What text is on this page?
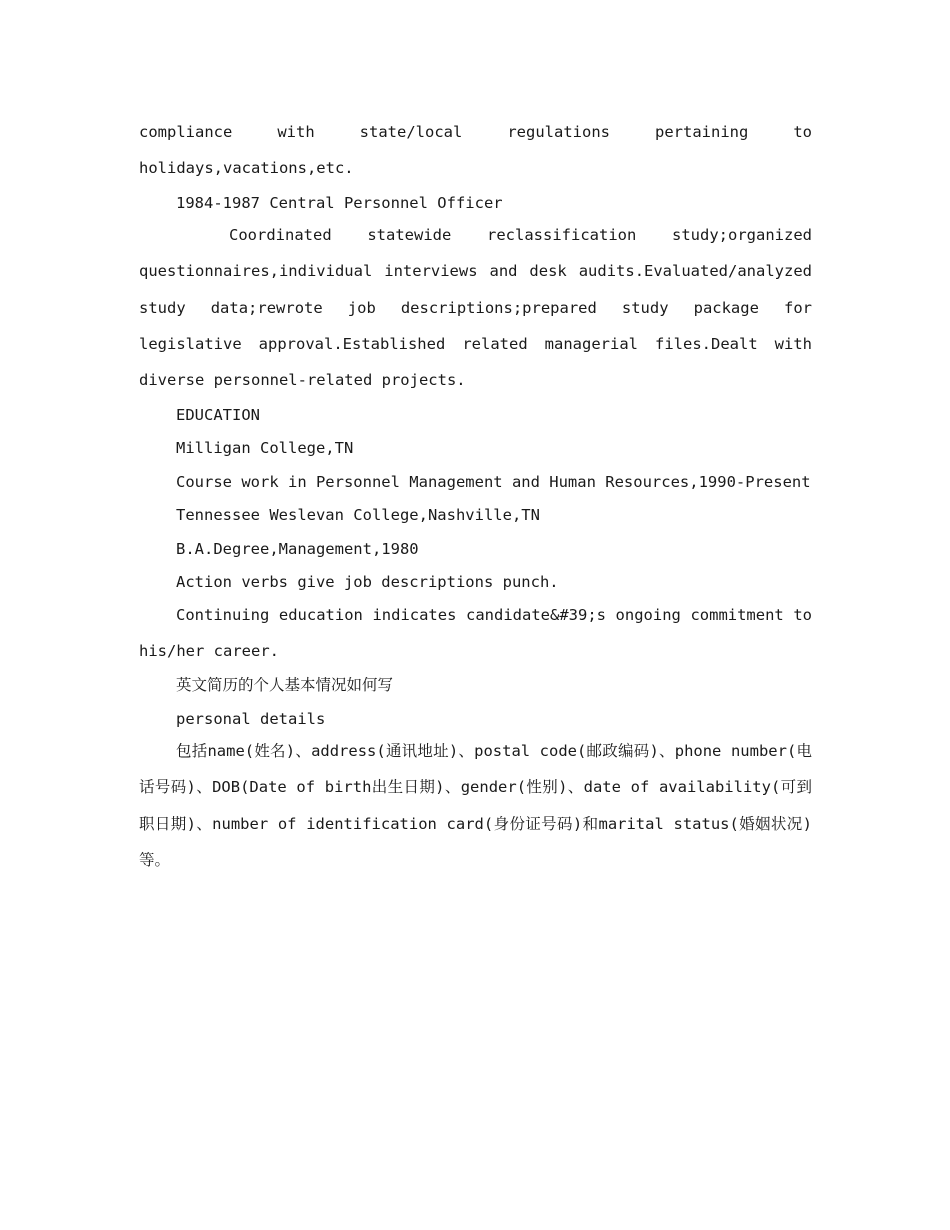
compliance with state/local regulations pertaining to holidays,vacations,etc.

1984-1987 Central Personnel Officer

Coordinated statewide reclassification study;organized questionnaires,individual interviews and desk audits.Evaluated/analyzed study data;rewrote job descriptions;prepared study package for legislative approval.Established related managerial files.Dealt with diverse personnel-related projects.

EDUCATION
Milligan College,TN
Course work in Personnel Management and Human Resources,1990-Present
Tennessee Weslevan College,Nashville,TN
B.A.Degree,Management,1980
Action verbs give job descriptions punch.

Continuing education indicates candidate&#39;s ongoing commitment to his/her career.

英文简历的个人基本情况如何写
personal details

包括name(姓名)、address(通讯地址)、postal code(邮政编码)、phone number(电话号码)、DOB(Date of birth出生日期)、gender(性别)、date of availability(可到职日期)、number of identification card(身份证号码)和marital status(婚姻状况)等。
